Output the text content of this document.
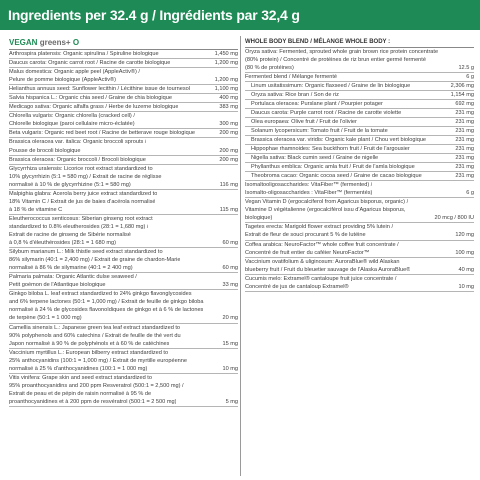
Ingredients per 32.4 g / Ingrédients par 32,4 g
VEGAN greens+ O
Arthrospira platensis: Organic spirulina / Spiruline biologique	1,450 mg
Daucus carota: Organic carrot root / Racine de carotte biologique	1,200 mg
Malus domestica: Organic apple peel (AppleActiv®) /
Pelure de pomme biologique (AppleActiv®)	1,200 mg
Helianthus annuus seed: Sunflower lecithin / Lécithine issue de tournesol	1,100 mg
Salvia hispanica L.: Organic chia seed / Graine de chia biologique	400 mg
Medicago sativa: Organic alfalfa grass / Herbe de luzerne biologique	383 mg
Chlorella vulgaris: Organic chlorella (cracked cell) /
Chlorelle biologique (paroi cellulaire micro-éclatée)	300 mg
Beta vulgaris: Organic red beet root / Racine de betterave rouge biologique	200 mg
Brassica oleracea var. italica: Organic broccoli sprouts /
Pousse de brocoli biologique	200 mg
Brassica oleracea: Organic broccoli / Brocoli biologique	200 mg
Glycyrrhiza uralensis: Licorice root extract standardized to
10% glycyrrhizin (5:1 = 580 mg) / Extrait de racine de réglisse
normalisé à 10 % de glycyrrhizine (5:1 = 580 mg)	116 mg
Malpighia glabra: Acerola berry juice extract standardized to
18% Vitamin C / Extrait de jus de baies d'acérola normalisé
à 18 % de vitamine C	115 mg
Eleutherococcus senticosus: Siberian ginseng root extract
standardized to 0.8% eleutherosides (28:1 = 1,680 mg) /
Extrait de racine de ginseng de Sibérie normalisé
à 0,8 % d'éleuthérosides (28:1 = 1 680 mg)	60 mg
Silybum marianum L.: Milk thistle seed extract standardized to
86% silymarin (40:1 = 2,400 mg) / Extrait de graine de chardon-Marie
normalisé à 86 % de silymarine (40:1 = 2 400 mg)	60 mg
Palmaria palmata: Organic Atlantic dulse seaweed /
Petit goémon de l'Atlantique biologique	33 mg
Ginkgo biloba L. leaf extract standardized to 24% ginkgo flavonglycosides
and 6% terpene lactones (50:1 = 1,000 mg) / Extrait de feuille de ginkgo biloba
normalisé à 24 % de glycosides flavonoïdiques de ginkgo et à 6 % de lactones
de terpène (50:1 = 1 000 mg)	20 mg
Camellia sinensis L.: Japanese green tea leaf extract standardized to
90% polyphenols and 60% catechins / Extrait de feuille de thé vert du
Japon normalisé à 90 % de polyphénols et à 60 % de catéchines	15 mg
Vaccinium myrtillus L.: European bilberry extract standardized to
25% anthocyanidins (100:1 = 1,000 mg) / Extrait de myrtille européenne
normalisé à 25 % d'anthocyanidines (100:1 = 1 000 mg)	10 mg
Vitis vinifera: Grape skin and seed extract standardized to
95% proanthocyanidins and 200 ppm Resveratrol (500:1 = 2,500 mg) /
Extrait de peau et de pépin de raisin normalisé à 95 % de
proanthocyanidines et à 200 ppm de resvératrol (500:1 = 2 500 mg)	5 mg
WHOLE BODY BLEND / MÉLANGE WHOLE BODY :
Oryza sativa: Fermented, sprouted whole grain brown rice protein concentrate
(80% protein) / Concentré de protéines de riz brun entier germé fermenté
(80 % de protéines)	12.5 g
Fermented blend / Mélange fermenté	6 g
Linum usitatissimum: Organic flaxseed / Graine de lin biologique	2,306 mg
Oryza sativa: Rice bran / Son de riz	1,154 mg
Portulaca oleracea: Purslane plant / Pourpier potager	692 mg
Daucus carota: Purple carrot root / Racine de carotte violette	231 mg
Olea europaea: Olive fruit / Fruit de l'olivier	231 mg
Solanum lycopersicum: Tomato fruit / Fruit de la tomate	231 mg
Brassica oleracea var. viridis: Organic kale plant / Chou vert biologique	231 mg
Hippophae rhamnoides: Sea buckthorn fruit / Fruit de l'argousier	231 mg
Nigella sativa: Black cumin seed / Graine de nigelle	231 mg
Phyllanthus emblica: Organic amla fruit / Fruit de l'amla biologique	231 mg
Theobroma cacao: Organic cocoa seed / Graine de cacao biologique	231 mg
Isomaltooligosaccharides: VitaFiber™ (fermented) /
Isomalto-oligosaccharides : VitaFiber™ (fermentés)	6 g
Vegan Vitamin D (ergocalciferol from Agaricus bisporus, organic) /
Vitamine D végétalienne (ergocalciférol issu d'Agaricus bisporus,
biologique)	20 mcg / 800 IU
Tagetes erecta: Marigold flower extract providing 5% lutein /
Extrait de fleur de souci procurant 5 % de lutéine	120 mg
Coffea arabica: NeuroFactor™ whole coffee fruit concentrate /
Concentré de fruit entier du caféier NeuroFactor™	100 mg
Vaccinium ovatifolium & uliginosum: AuroraBlue® wild Alaskan
blueberry fruit / Fruit du bleuetier sauvage de l'Alaska AuroraBlue®	40 mg
Cucumis melo: Extramel® cantaloupe fruit juice concentrate /
Concentré de jus de cantaloup Extramel®	10 mg
